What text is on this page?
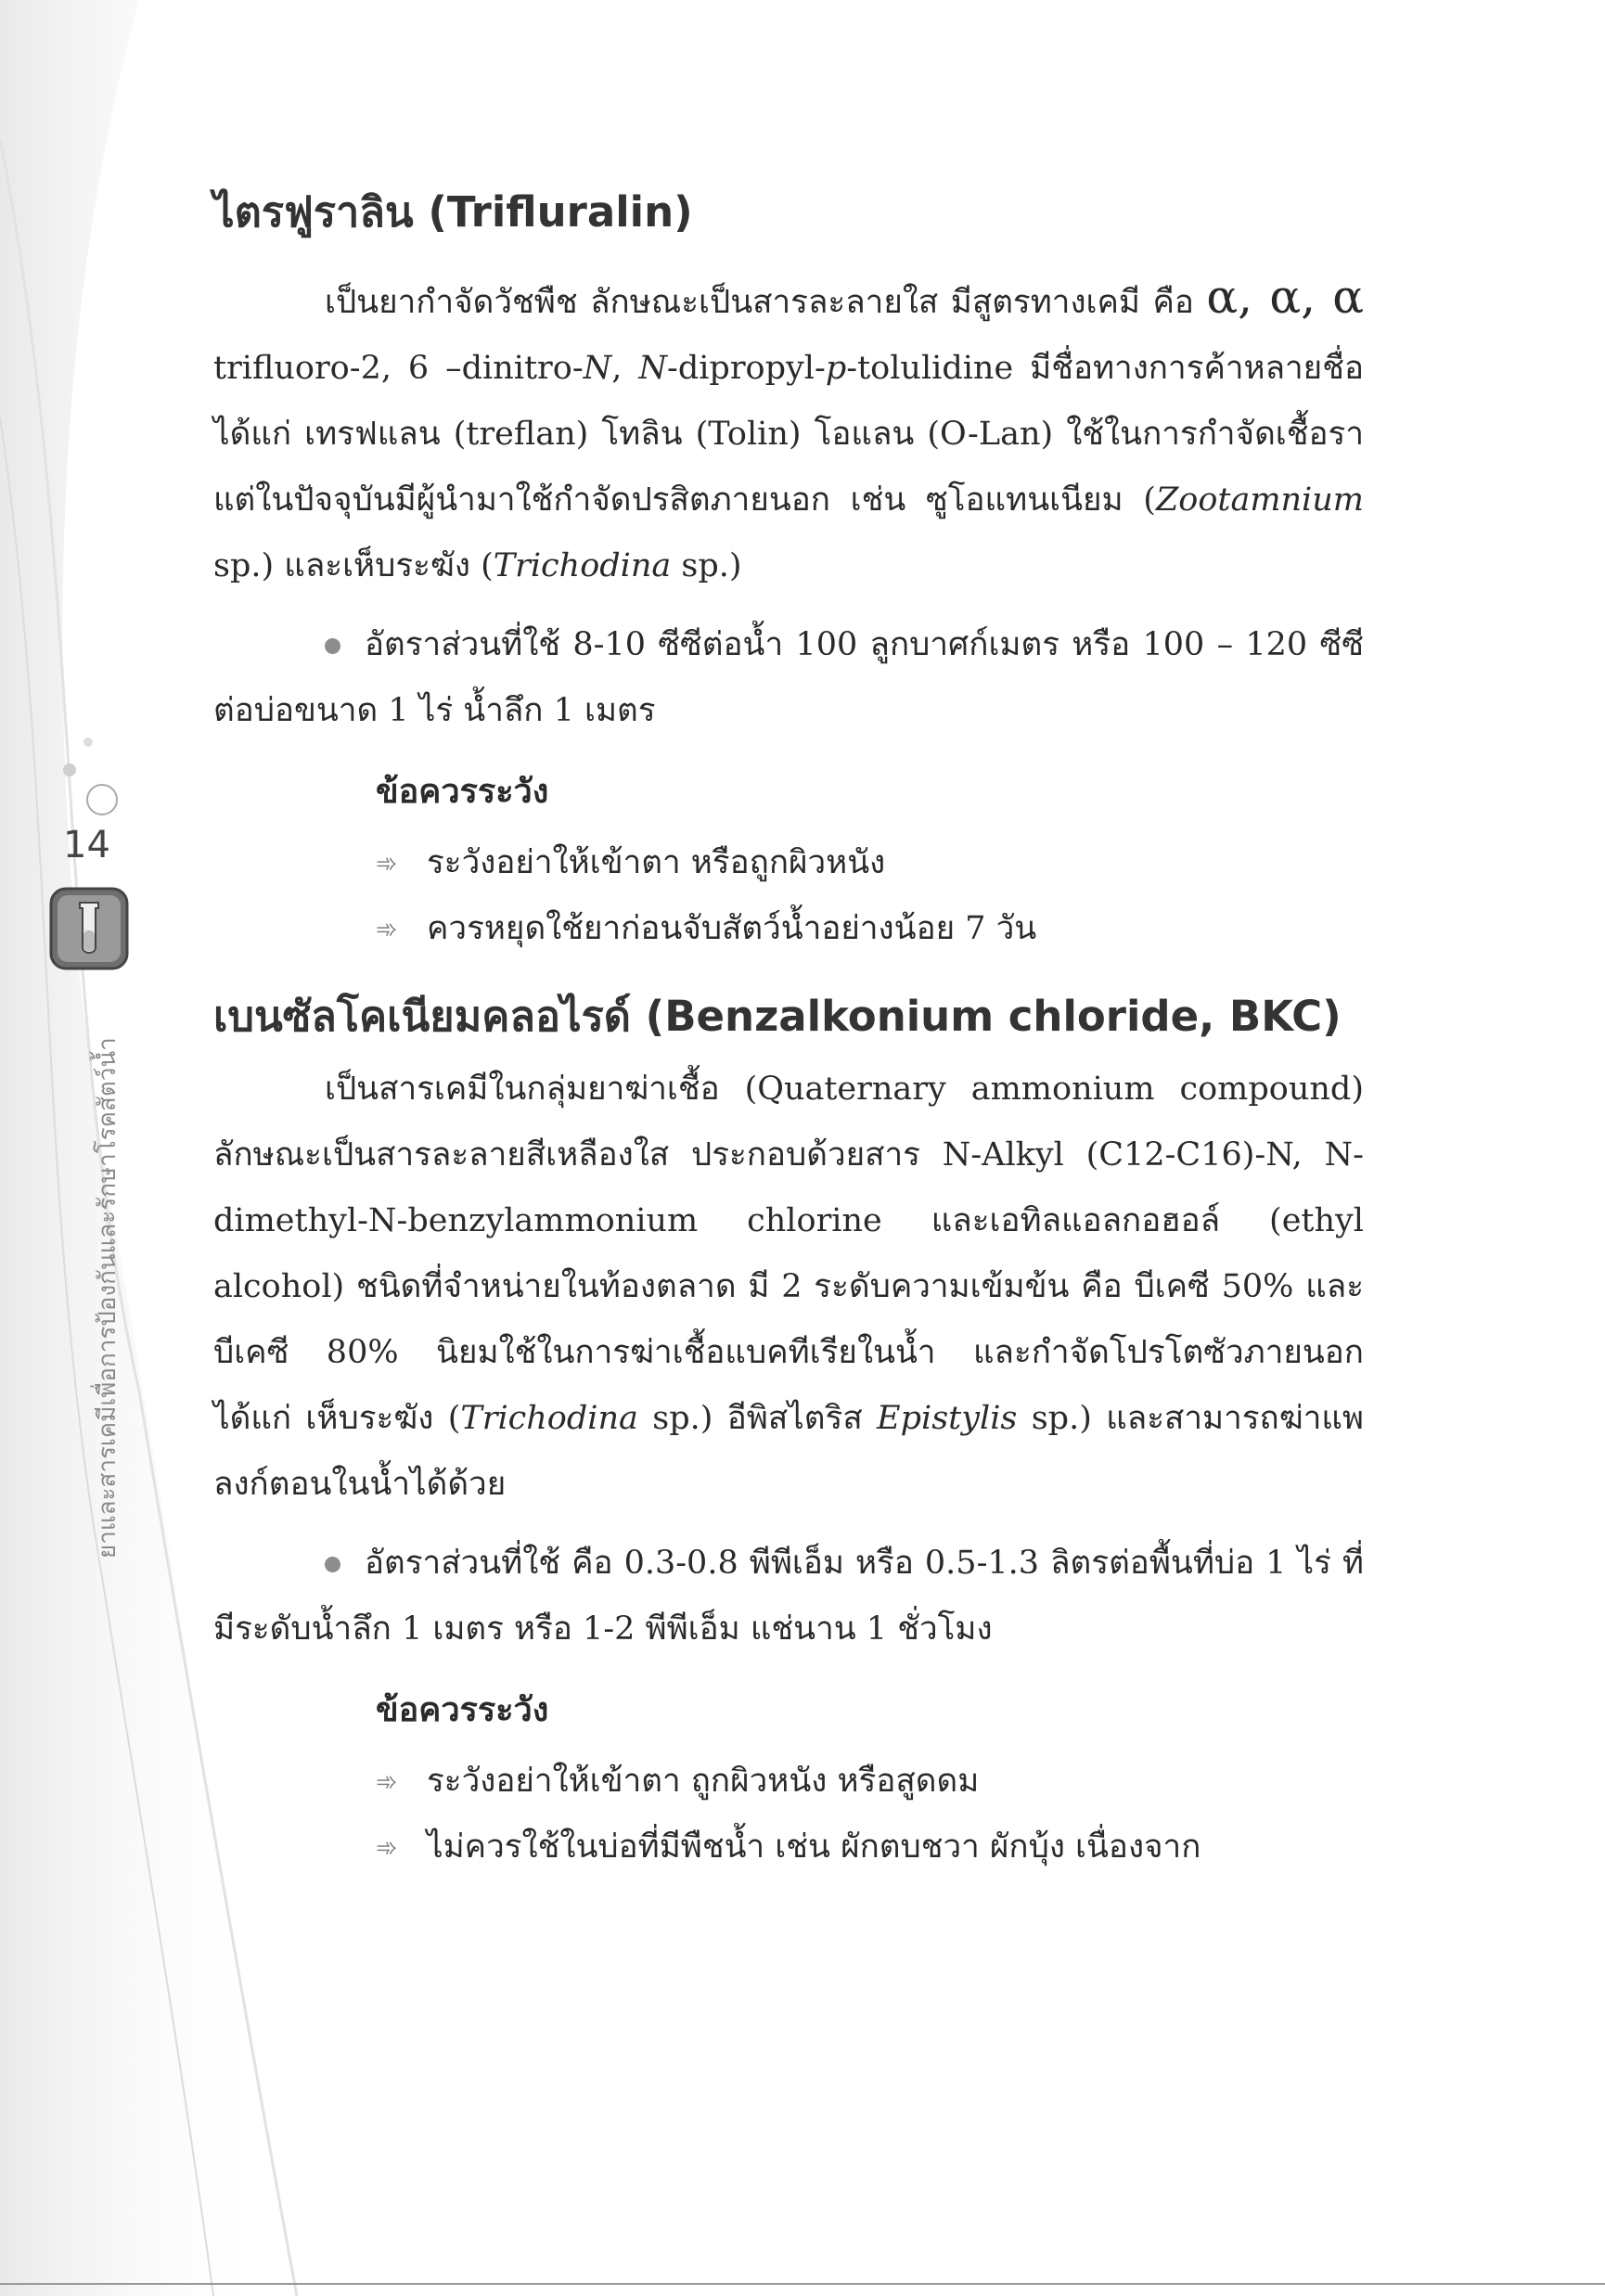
14
ยาและสารเคมีเพื่อการป้องกันและรักษาโรคสัตว์น้ำ
ไตรฟูราลิน (Trifluralin)

เป็นยากำจัดวัชพืช ลักษณะเป็นสารละลายใส มีสูตรทางเคมี คือ α, α, α trifluoro-2, 6 –dinitro-N, N-dipropyl-p-tolulidine มีชื่อทางการค้าหลายชื่อ ได้แก่ เทรฟแลน (treflan) โทลิน (Tolin) โอแลน (O-Lan) ใช้ในการกำจัดเชื้อรา แต่ในปัจจุบันมีผู้นำมาใช้กำจัดปรสิตภายนอก เช่น ซูโอแทนเนียม (Zootamnium sp.) และเห็บระฆัง (Trichodina sp.)

อัตราส่วนที่ใช้ 8-10 ซีซีต่อน้ำ 100 ลูกบาศก์เมตร หรือ 100 – 120 ซีซี ต่อบ่อขนาด 1 ไร่ น้ำลึก 1 เมตร

ข้อควรระวัง
➾ ระวังอย่าให้เข้าตา หรือถูกผิวหนัง
➾ ควรหยุดใช้ยาก่อนจับสัตว์น้ำอย่างน้อย 7 วัน
เบนซัลโคเนียมคลอไรด์ (Benzalkonium chloride, BKC)

เป็นสารเคมีในกลุ่มยาฆ่าเชื้อ (Quaternary ammonium compound) ลักษณะเป็นสารละลายสีเหลืองใส ประกอบด้วยสาร N-Alkyl (C12-C16)-N, N-dimethyl-N-benzylammonium chlorine และเอทิลแอลกอฮอล์ (ethyl alcohol) ชนิดที่จำหน่ายในท้องตลาด มี 2 ระดับความเข้มข้น คือ บีเคซี 50% และบีเคซี 80% นิยมใช้ในการฆ่าเชื้อแบคทีเรียในน้ำ และกำจัดโปรโตซัวภายนอก ได้แก่ เห็บระฆัง (Trichodina sp.) อีพิสไตริส Epistylis sp.) และสามารถฆ่าแพลงก์ตอนในน้ำได้ด้วย

อัตราส่วนที่ใช้ คือ 0.3-0.8 พีพีเอ็ม หรือ 0.5-1.3 ลิตรต่อพื้นที่บ่อ 1 ไร่ ที่มีระดับน้ำลึก 1 เมตร หรือ 1-2 พีพีเอ็ม แช่นาน 1 ชั่วโมง

ข้อควรระวัง
➾ ระวังอย่าให้เข้าตา ถูกผิวหนัง หรือสูดดม
➾ ไม่ควรใช้ในบ่อที่มีพืชน้ำ เช่น ผักตบชวา ผักบุ้ง เนื่องจาก
